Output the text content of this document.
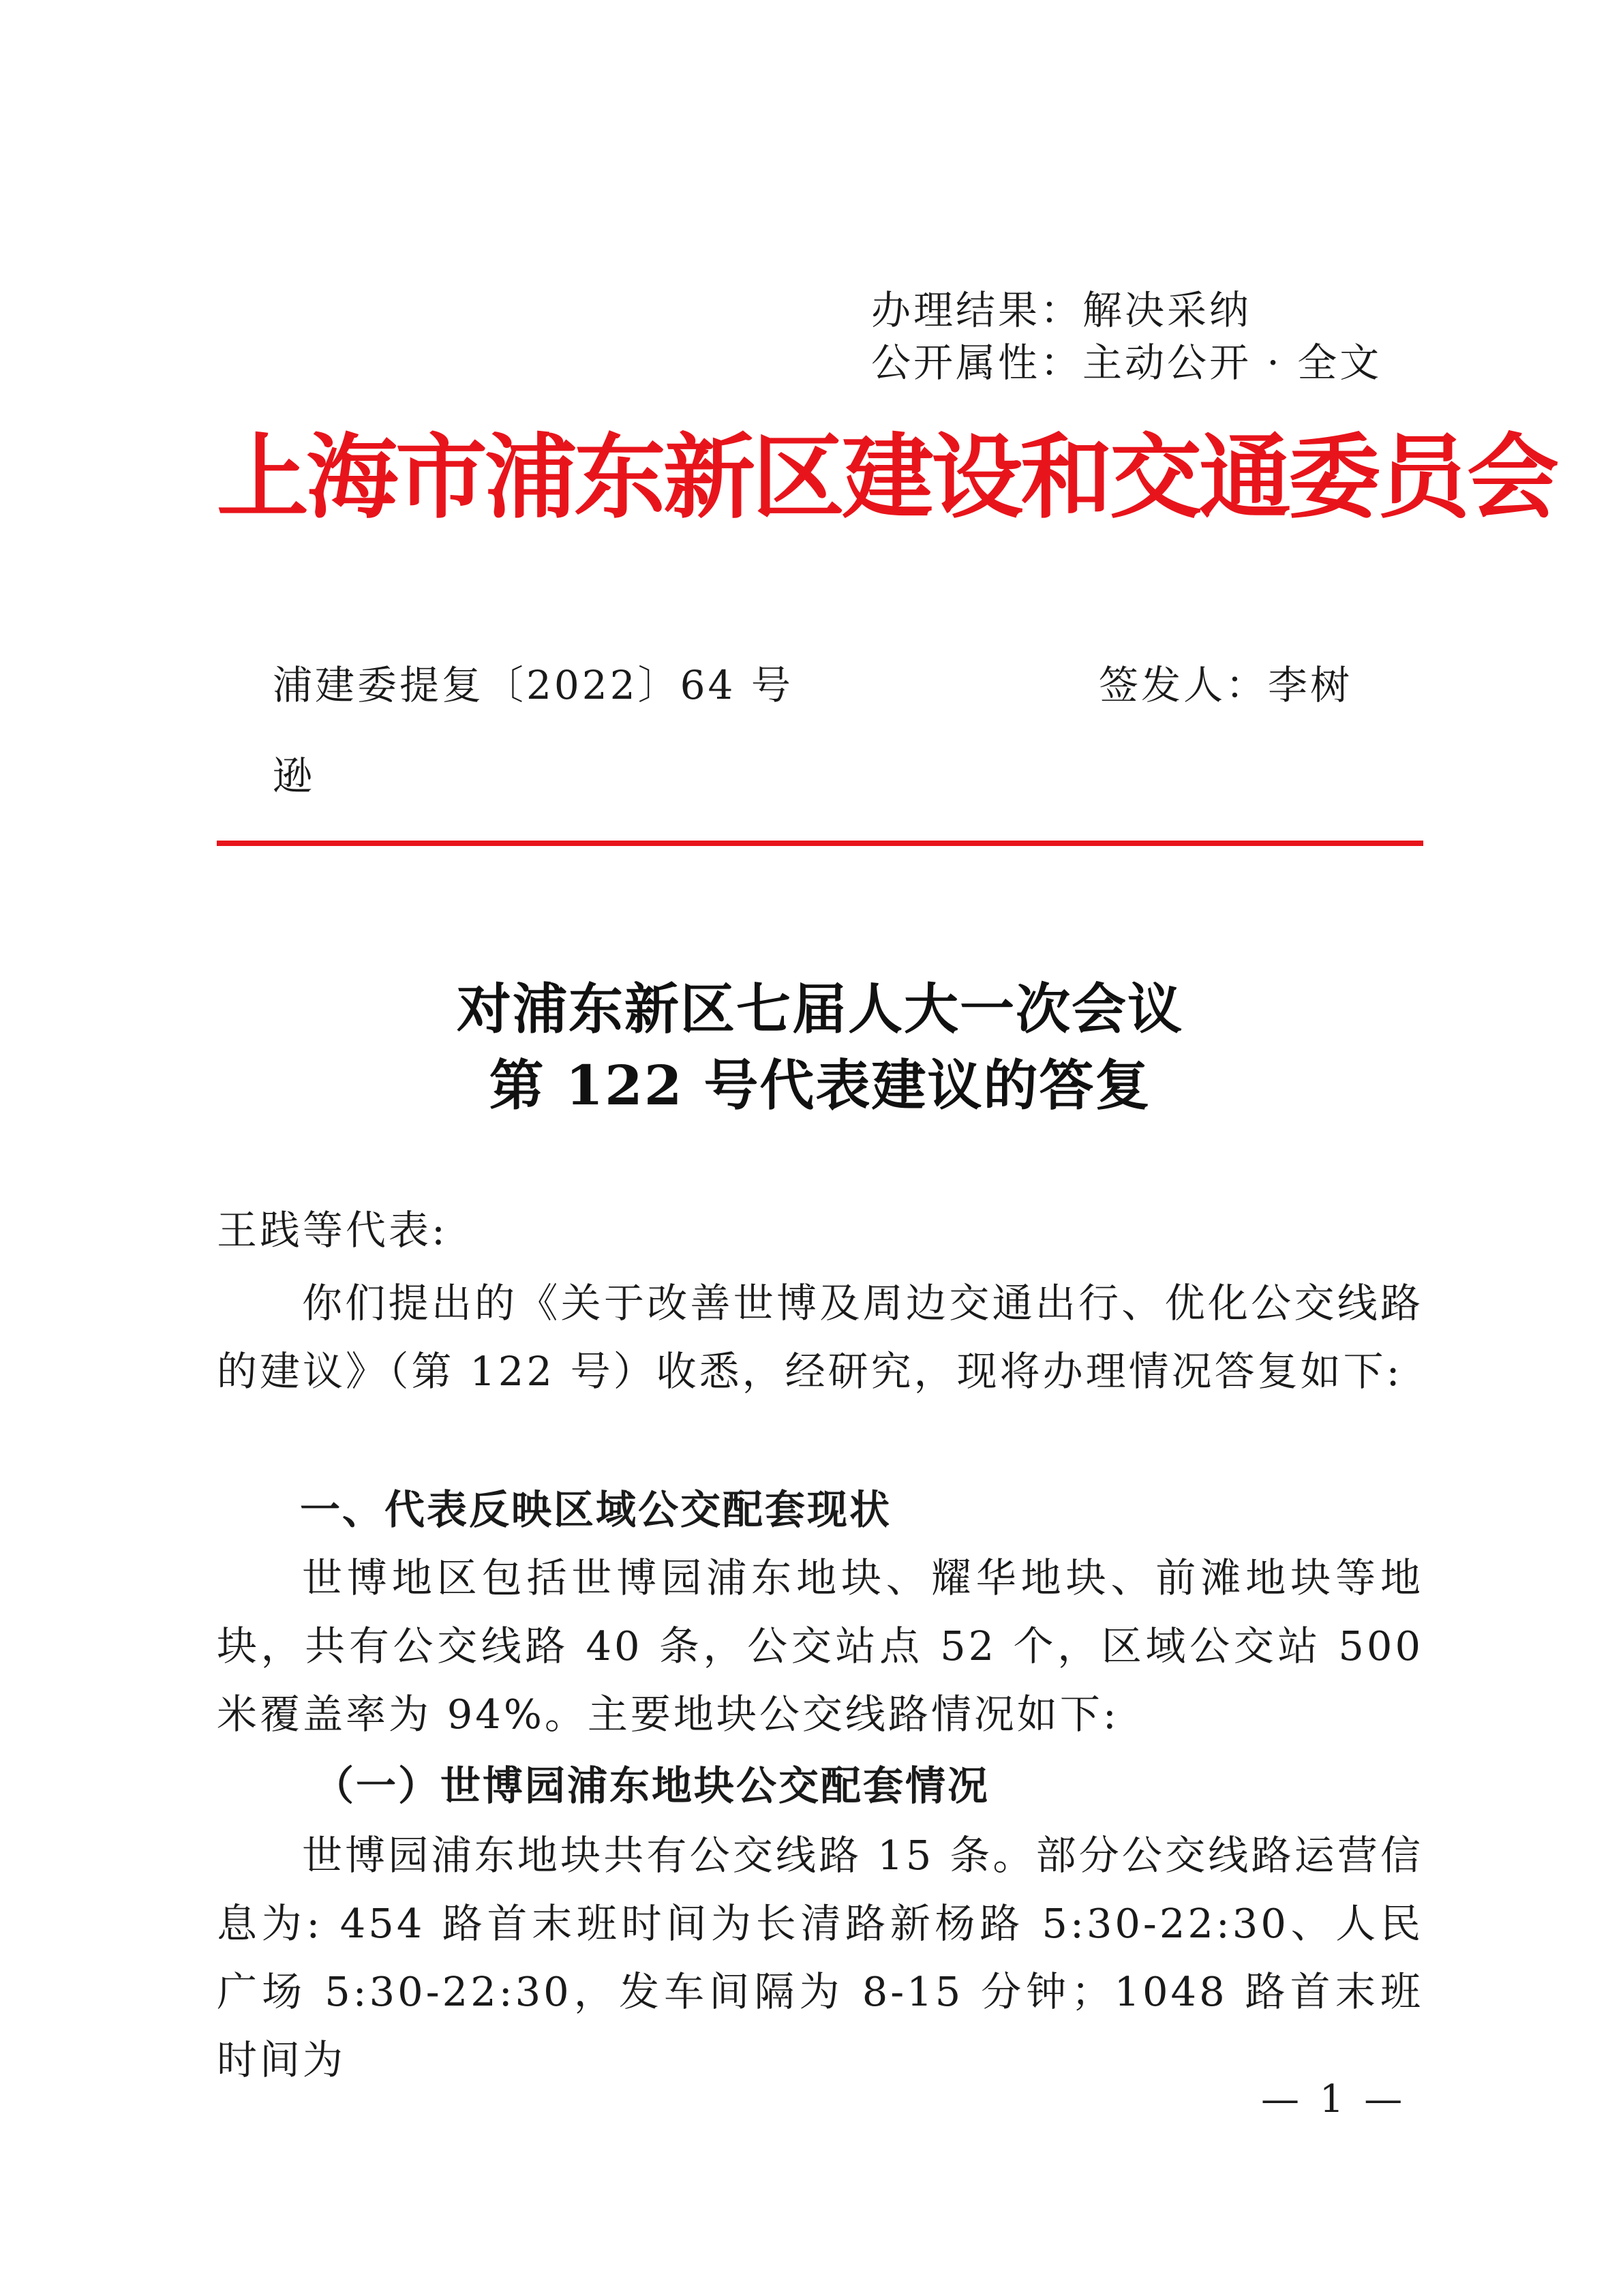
办理结果：解决采纳
公开属性：主动公开 · 全文
上海市浦东新区建设和交通委员会
浦建委提复〔2022〕64 号	签发人：李树
逊
对浦东新区七届人大一次会议
第 122 号代表建议的答复
王践等代表:
你们提出的《关于改善世博及周边交通出行、优化公交线路的建议》（第 122 号）收悉，经研究，现将办理情况答复如下:
一、代表反映区域公交配套现状
世博地区包括世博园浦东地块、耀华地块、前滩地块等地块，共有公交线路 40 条，公交站点 52 个，区域公交站 500 米覆盖率为 94%。主要地块公交线路情况如下:
（一）世博园浦东地块公交配套情况
世博园浦东地块共有公交线路 15 条。部分公交线路运营信息为: 454 路首末班时间为长清路新杨路 5:30-22:30、人民广场 5:30-22:30，发车间隔为 8-15 分钟；1048 路首末班时间为
— 1 —
